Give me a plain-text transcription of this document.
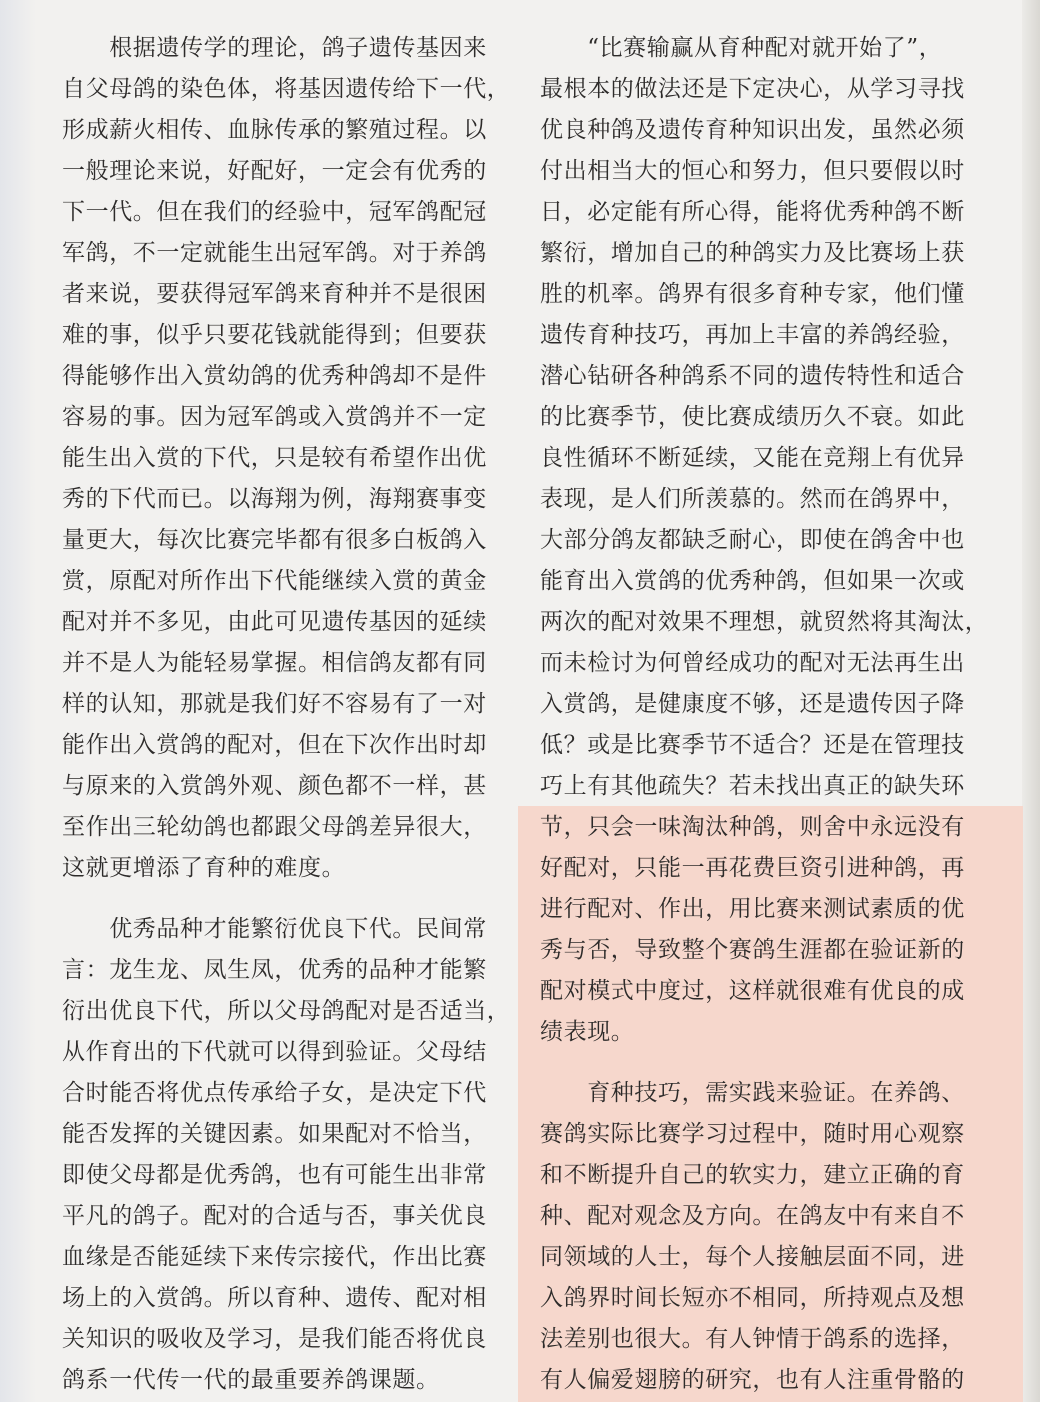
　　根据遗传学的理论，鸽子遗传基因来
自父母鸽的染色体，将基因遗传给下一代，
形成薪火相传、血脉传承的繁殖过程。以
一般理论来说，好配好，一定会有优秀的
下一代。但在我们的经验中，冠军鸽配冠
军鸽，不一定就能生出冠军鸽。对于养鸽
者来说，要获得冠军鸽来育种并不是很困
难的事，似乎只要花钱就能得到；但要获
得能够作出入赏幼鸽的优秀种鸽却不是件
容易的事。因为冠军鸽或入赏鸽并不一定
能生出入赏的下代，只是较有希望作出优
秀的下代而已。以海翔为例，海翔赛事变
量更大，每次比赛完毕都有很多白板鸽入
赏，原配对所作出下代能继续入赏的黄金
配对并不多见，由此可见遗传基因的延续
并不是人为能轻易掌握。相信鸽友都有同
样的认知，那就是我们好不容易有了一对
能作出入赏鸽的配对，但在下次作出时却
与原来的入赏鸽外观、颜色都不一样，甚
至作出三轮幼鸽也都跟父母鸽差异很大，
这就更增添了育种的难度。
　　优秀品种才能繁衍优良下代。民间常
言：龙生龙、凤生凤，优秀的品种才能繁
衍出优良下代，所以父母鸽配对是否适当，
从作育出的下代就可以得到验证。父母结
合时能否将优点传承给子女，是决定下代
能否发挥的关键因素。如果配对不恰当，
即使父母都是优秀鸽，也有可能生出非常
平凡的鸽子。配对的合适与否，事关优良
血缘是否能延续下来传宗接代，作出比赛
场上的入赏鸽。所以育种、遗传、配对相
关知识的吸收及学习，是我们能否将优良
鸽系一代传一代的最重要养鸽课题。
　　“比赛输赢从育种配对就开始了”，
最根本的做法还是下定决心，从学习寻找
优良种鸽及遗传育种知识出发，虽然必须
付出相当大的恒心和努力，但只要假以时
日，必定能有所心得，能将优秀种鸽不断
繁衍，增加自己的种鸽实力及比赛场上获
胜的机率。鸽界有很多育种专家，他们懂
遗传育种技巧，再加上丰富的养鸽经验，
潜心钻研各种鸽系不同的遗传特性和适合
的比赛季节，使比赛成绩历久不衰。如此
良性循环不断延续，又能在竞翔上有优异
表现，是人们所羡慕的。然而在鸽界中，
大部分鸽友都缺乏耐心，即使在鸽舍中也
能育出入赏鸽的优秀种鸽，但如果一次或
两次的配对效果不理想，就贸然将其淘汰，
而未检讨为何曾经成功的配对无法再生出
入赏鸽，是健康度不够，还是遗传因子降
低？或是比赛季节不适合？还是在管理技
巧上有其他疏失？若未找出真正的缺失环
节，只会一味淘汰种鸽，则舍中永远没有
好配对，只能一再花费巨资引进种鸽，再
进行配对、作出，用比赛来测试素质的优
秀与否，导致整个赛鸽生涯都在验证新的
配对模式中度过，这样就很难有优良的成
绩表现。
　　育种技巧，需实践来验证。在养鸽、
赛鸽实际比赛学习过程中，随时用心观察
和不断提升自己的软实力，建立正确的育
种、配对观念及方向。在鸽友中有来自不
同领域的人士，每个人接触层面不同，进
入鸽界时间长短亦不相同，所持观点及想
法差别也很大。有人钟情于鸽系的选择，
有人偏爱翅膀的研究，也有人注重骨骼的
